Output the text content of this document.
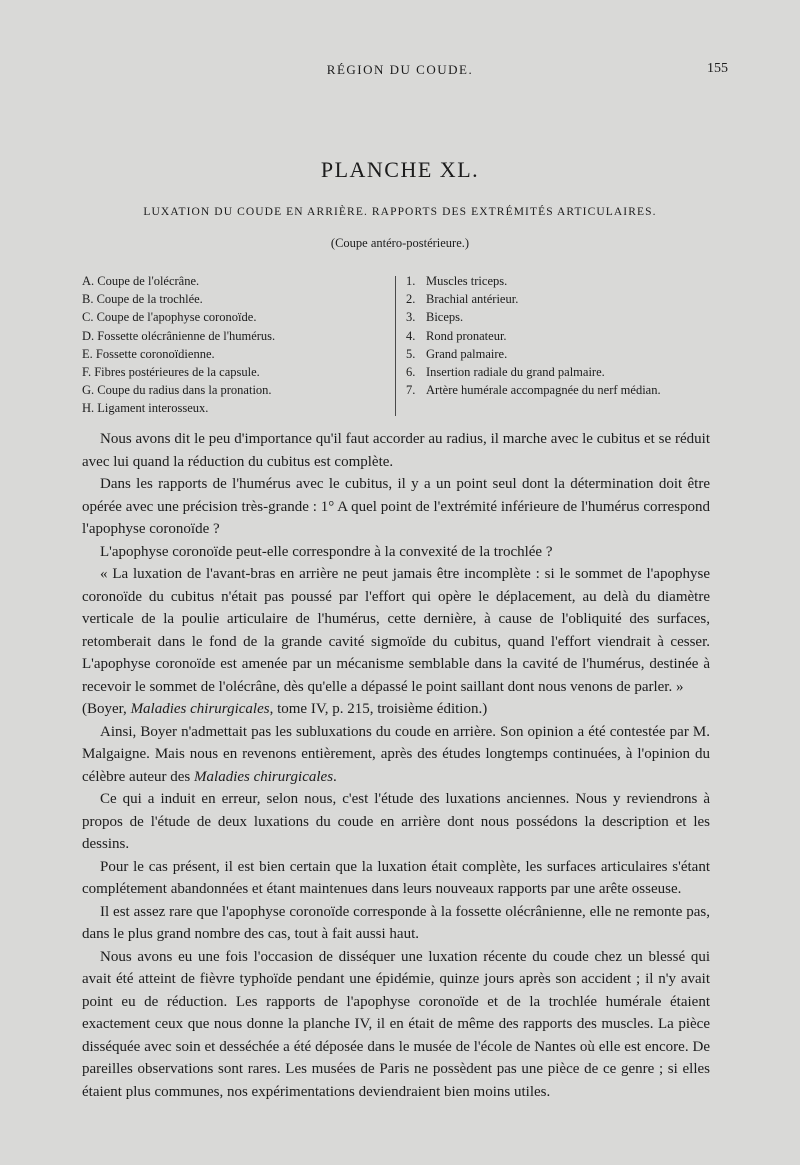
RÉGION DU COUDE.	155
PLANCHE XL.
LUXATION DU COUDE EN ARRIÈRE. RAPPORTS DES EXTRÉMITÉS ARTICULAIRES.
(Coupe antéro-postérieure.)
A. Coupe de l'olécrâne.
B. Coupe de la trochlée.
C. Coupe de l'apophyse coronoïde.
D. Fossette olécrânienne de l'humérus.
E. Fossette coronoïdienne.
F. Fibres postérieures de la capsule.
G. Coupe du radius dans la pronation.
H. Ligament interosseux.
1. Muscles triceps.
2. Brachial antérieur.
3. Biceps.
4. Rond pronateur.
5. Grand palmaire.
6. Insertion radiale du grand palmaire.
7. Artère humérale accompagnée du nerf médian.

Nous avons dit le peu d'importance qu'il faut accorder au radius, il marche avec le cubitus et se réduit avec lui quand la réduction du cubitus est complète.

Dans les rapports de l'humérus avec le cubitus, il y a un point seul dont la détermination doit être opérée avec une précision très-grande : 1° A quel point de l'extrémité inférieure de l'humérus correspond l'apophyse coronoïde ?

L'apophyse coronoïde peut-elle correspondre à la convexité de la trochlée ?

« La luxation de l'avant-bras en arrière ne peut jamais être incomplète : si le sommet de l'apophyse coronoïde du cubitus n'était pas poussé par l'effort qui opère le déplacement, au delà du diamètre verticale de la poulie articulaire de l'humérus, cette dernière, à cause de l'obliquité des surfaces, retomberait dans le fond de la grande cavité sigmoïde du cubitus, quand l'effort viendrait à cesser. L'apophyse coronoïde est amenée par un mécanisme semblable dans la cavité de l'humérus, destinée à recevoir le sommet de l'olécrâne, dès qu'elle a dépassé le point saillant dont nous venons de parler. »

(Boyer, Maladies chirurgicales, tome IV, p. 215, troisième édition.)

Ainsi, Boyer n'admettait pas les subluxations du coude en arrière. Son opinion a été contestée par M. Malgaigne. Mais nous en revenons entièrement, après des études longtemps continuées, à l'opinion du célèbre auteur des Maladies chirurgicales.

Ce qui a induit en erreur, selon nous, c'est l'étude des luxations anciennes. Nous y reviendrons à propos de l'étude de deux luxations du coude en arrière dont nous possédons la description et les dessins.

Pour le cas présent, il est bien certain que la luxation était complète, les surfaces articulaires s'étant complétement abandonnées et étant maintenues dans leurs nouveaux rapports par une arête osseuse.

Il est assez rare que l'apophyse coronoïde corresponde à la fossette olécrânienne, elle ne remonte pas, dans le plus grand nombre des cas, tout à fait aussi haut.

Nous avons eu une fois l'occasion de disséquer une luxation récente du coude chez un blessé qui avait été atteint de fièvre typhoïde pendant une épidémie, quinze jours après son accident ; il n'y avait point eu de réduction. Les rapports de l'apophyse coronoïde et de la trochlée humérale étaient exactement ceux que nous donne la planche IV, il en était de même des rapports des muscles. La pièce disséquée avec soin et desséchée a été déposée dans le musée de l'école de Nantes où elle est encore. De pareilles observations sont rares. Les musées de Paris ne possèdent pas une pièce de ce genre ; si elles étaient plus communes, nos expérimentations deviendraient bien moins utiles.
